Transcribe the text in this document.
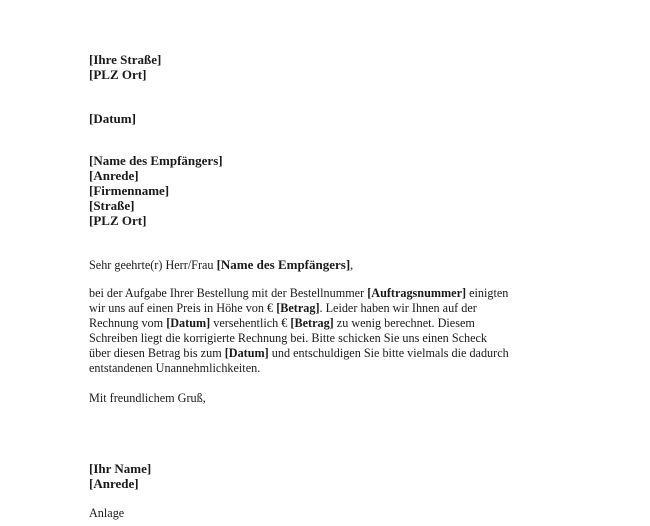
[Ihre Straße]
[PLZ Ort]
[Datum]
[Name des Empfängers]
[Anrede]
[Firmenname]
[Straße]
[PLZ Ort]
Sehr geehrte(r) Herr/Frau [Name des Empfängers],
bei der Aufgabe Ihrer Bestellung mit der Bestellnummer [Auftragsnummer] einigten
wir uns auf einen Preis in Höhe von € [Betrag]. Leider haben wir Ihnen auf der
Rechnung vom [Datum] versehentlich € [Betrag] zu wenig berechnet. Diesem
Schreiben liegt die korrigierte Rechnung bei. Bitte schicken Sie uns einen Scheck
über diesen Betrag bis zum [Datum] und entschuldigen Sie bitte vielmals die dadurch
entstandenen Unannehmlichkeiten.
Mit freundlichem Gruß,
[Ihr Name]
[Anrede]
Anlage
